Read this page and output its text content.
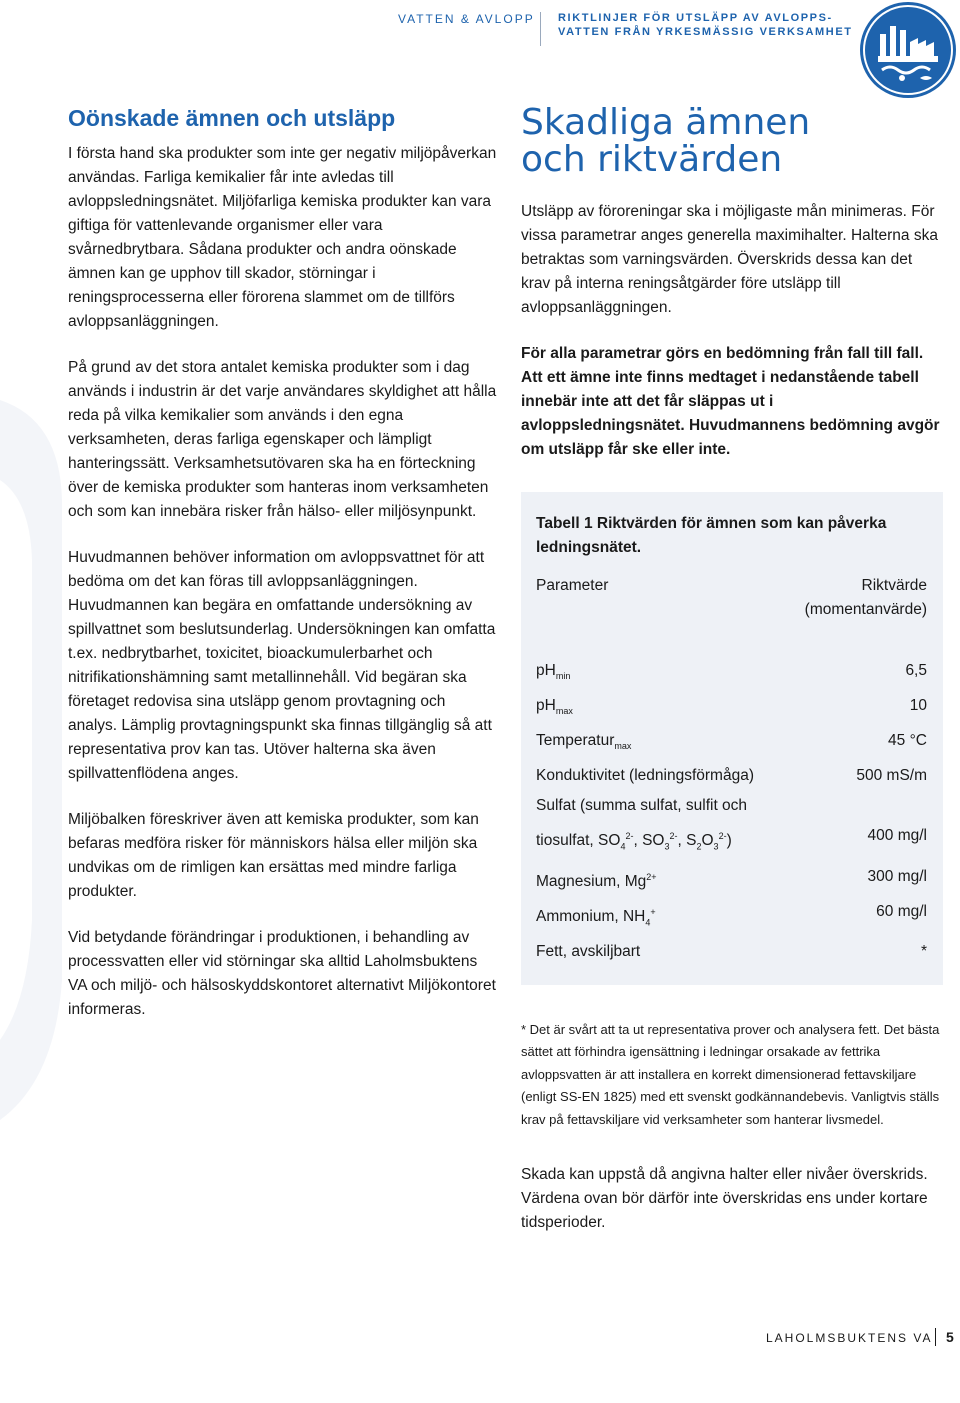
VATTEN & AVLOPP RIKTLINJER FÖR UTSLÄPP AV AVLOPPS-
VATTEN FRÅN YRKESMÄSSIG VERKSAMHET
Oönskade ämnen och utsläpp

I första hand ska produkter som inte ger negativ miljöpåverkan användas. Farliga kemikalier får inte avledas till avloppsledningsnätet. Miljöfarliga kemiska produkter kan vara giftiga för vattenlevande organismer eller vara svårnedbrytbara. Sådana produkter och andra oönskade ämnen kan ge upphov till skador, störningar i reningsprocesserna eller förorena slammet om de tillförs avloppsanläggningen.

På grund av det stora antalet kemiska produkter som i dag används i industrin är det varje användares skyldighet att hålla reda på vilka kemikalier som används i den egna verksamheten, deras farliga egenskaper och lämpligt hanteringssätt. Verksamhetsutövaren ska ha en förteckning över de kemiska produkter som hanteras inom verksamheten och som kan innebära risker från hälso- eller miljösynpunkt.

Huvudmannen behöver information om avloppsvattnet för att bedöma om det kan föras till avloppsanläggningen. Huvudmannen kan begära en omfattande undersökning av spillvattnet som beslutsunderlag. Undersökningen kan omfatta t.ex. nedbrytbarhet, toxicitet, bioackumulerbarhet och nitrifikationshämning samt metallinnehåll. Vid begäran ska företaget redovisa sina utsläpp genom provtagning och analys. Lämplig provtagningspunkt ska finnas tillgänglig så att representativa prov kan tas. Utöver halterna ska även spillvattenflödena anges.

Miljöbalken föreskriver även att kemiska produkter, som kan befaras medföra risker för människors hälsa eller miljön ska undvikas om de rimligen kan ersättas med mindre farliga produkter.

Vid betydande förändringar i produktionen, i behandling av processvatten eller vid störningar ska alltid Laholmsbuktens VA och miljö- och hälsoskyddskontoret alternativt Miljökontoret informeras.

Skadliga ämnen
och riktvärden

Utsläpp av föroreningar ska i möjligaste mån minimeras. För vissa parametrar anges generella maximihalter. Halterna ska betraktas som varningsvärden. Överskrids dessa kan det krav på interna reningsåtgärder före utsläpp till avloppsanläggningen.

För alla parametrar görs en bedömning från fall till fall. Att ett ämne inte finns medtaget i nedanstående tabell innebär inte att det får släppas ut i avloppsledningsnätet. Huvudmannens bedömning avgör om utsläpp får ske eller inte.

Tabell 1 Riktvärden för ämnen som kan påverka ledningsnätet.
Parameter	Riktvärde
(momentanvärde)
$pH_{min}$	6,5
$pH_{max}$	10
Temperatur$_{max}$	45 °C
Konduktivitet (ledningsförmåga)	500 mS/m
Sulfat (summa sulfat, sulfit och
tiosulfat, $SO_4^{2-}$, $SO_3^{2-}$, $S_2O_3^{2-}$)	400 mg/l
Magnesium, $Mg^{2+}$	300 mg/l
Ammonium, $NH_4^+$	60 mg/l
Fett, avskiljbart	*

* Det är svårt att ta ut representativa prover och analysera fett. Det bästa sättet att förhindra igensättning i ledningar orsakade av fettrika avloppsvatten är att installera en korrekt dimensionerad fettavskiljare (enligt SS-EN 1825) med ett svenskt godkännandebevis. Vanligtvis ställs krav på fettavskiljare vid verksamheter som hanterar livsmedel.

Skada kan uppstå då angivna halter eller nivåer överskrids. Värdena ovan bör därför inte överskridas ens under kortare tidsperioder.

LAHOLMSBUKTENS VA 5
